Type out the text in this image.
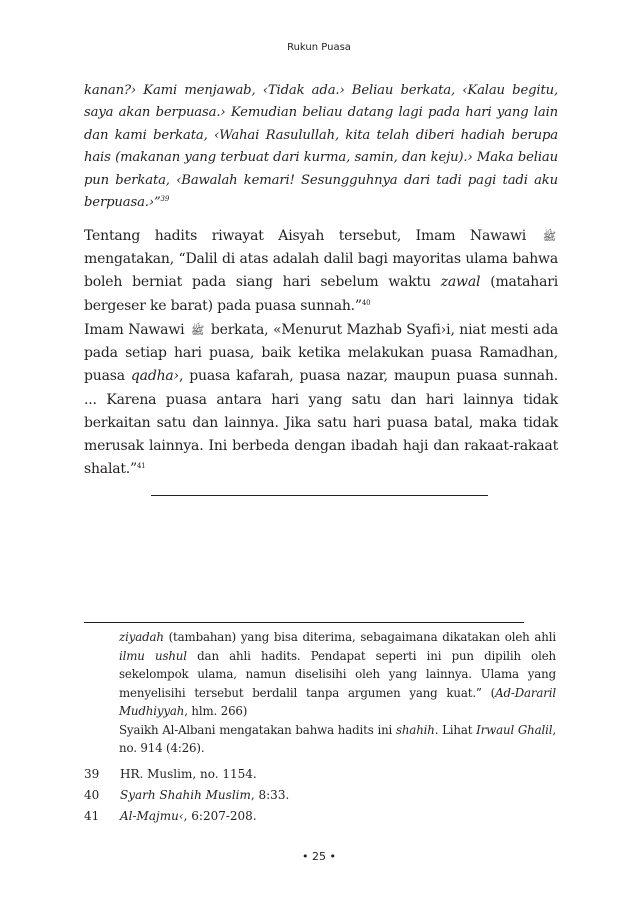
Rukun Puasa
kanan?› Kami menjawab, ‹Tidak ada.› Beliau berkata, ‹Kalau begitu, saya akan berpuasa.› Kemudian beliau datang lagi pada hari yang lain dan kami berkata, ‹Wahai Rasulullah, kita telah diberi hadiah berupa hais (makanan yang terbuat dari kurma, samin, dan keju).› Maka beliau pun berkata, ‹Bawalah kemari! Sesungguhnya dari tadi pagi tadi aku berpuasa.›”$^{39}$

Tentang hadits riwayat Aisyah tersebut, Imam Nawawi ﷺ mengatakan, “Dalil di atas adalah dalil bagi mayoritas ulama bahwa boleh berniat pada siang hari sebelum waktu zawal (matahari bergeser ke barat) pada puasa sunnah.”$^{40}$

Imam Nawawi ﷺ berkata, «Menurut Mazhab Syafi›i, niat mesti ada pada setiap hari puasa, baik ketika melakukan puasa Ramadhan, puasa qadha›, puasa kafarah, puasa nazar, maupun puasa sunnah. ... Karena puasa antara hari yang satu dan hari lainnya tidak berkaitan satu dan lainnya. Jika satu hari puasa batal, maka tidak merusak lainnya. Ini berbeda dengan ibadah haji dan rakaat-rakaat shalat.”$^{41}$

ziyadah (tambahan) yang bisa diterima, sebagaimana dikatakan oleh ahli ilmu ushul dan ahli hadits. Pendapat seperti ini pun dipilih oleh sekelompok ulama, namun diselisihi oleh yang lainnya. Ulama yang menyelisihi tersebut berdalil tanpa argumen yang kuat.” (Ad-Dararil Mudhiyyah, hlm. 266)

Syaikh Al-Albani mengatakan bahwa hadits ini shahih. Lihat Irwaul Ghalil, no. 914 (4:26).

39	HR. Muslim, no. 1154.
40	Syarh Shahih Muslim, 8:33.
41	Al-Majmu‹, 6:207-208.
• 25 •
